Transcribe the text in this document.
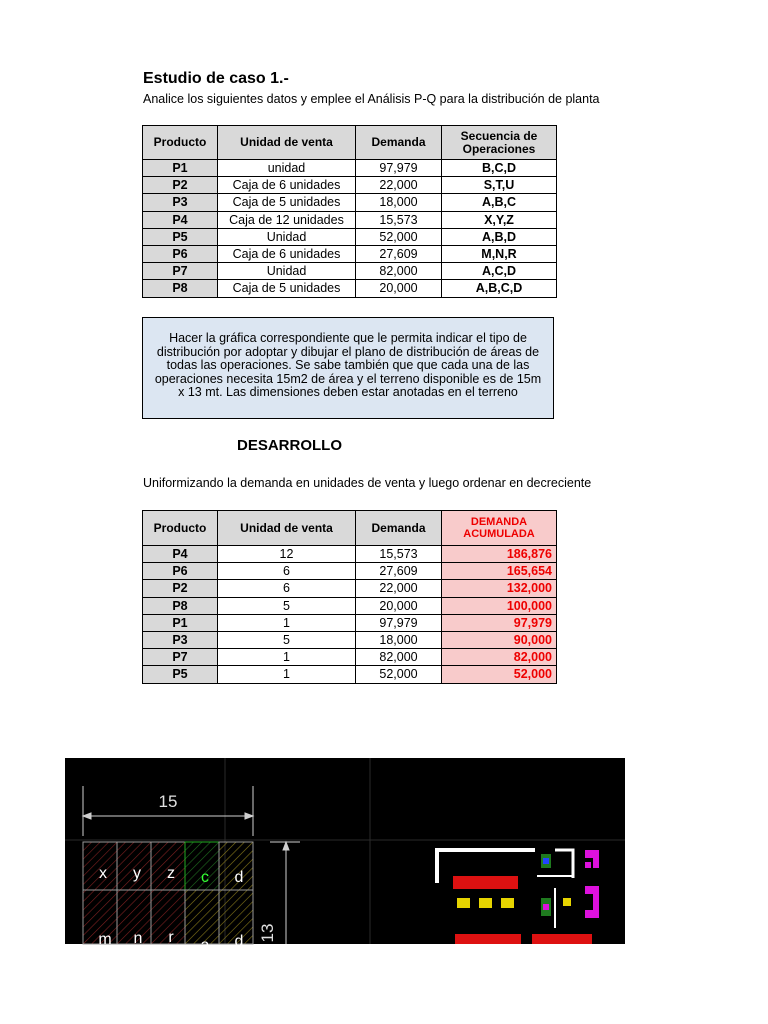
Estudio de caso 1.-
Analice los siguientes datos y emplee el Análisis P-Q para la distribución de planta
Producto	Unidad de venta	Demanda	Secuencia de Operaciones
P1	unidad	97,979	B,C,D
P2	Caja de 6 unidades	22,000	S,T,U
P3	Caja de 5 unidades	18,000	A,B,C
P4	Caja de 12 unidades	15,573	X,Y,Z
P5	Unidad	52,000	A,B,D
P6	Caja de 6 unidades	27,609	M,N,R
P7	Unidad	82,000	A,C,D
P8	Caja de 5 unidades	20,000	A,B,C,D
Hacer la gráfica correspondiente que le permita indicar el tipo de
distribución por adoptar y dibujar el plano de distribución de áreas de
todas las operaciones. Se sabe también que que cada una de las
operaciones necesita 15m2 de área y el terreno disponible es de 15m
x 13 mt. Las dimensiones deben estar anotadas en el terreno
DESARROLLO
Uniformizando la demanda en unidades de venta y luego ordenar en decreciente
Producto	Unidad de venta	Demanda	DEMANDA ACUMULADA
P4	12	15,573	186,876
P6	6	27,609	165,654
P2	6	22,000	132,000
P8	5	20,000	100,000
P1	1	97,979	97,979
P3	5	18,000	90,000
P7	1	82,000	82,000
P5	1	52,000	52,000
15
13
x y z c d
m n r a d
